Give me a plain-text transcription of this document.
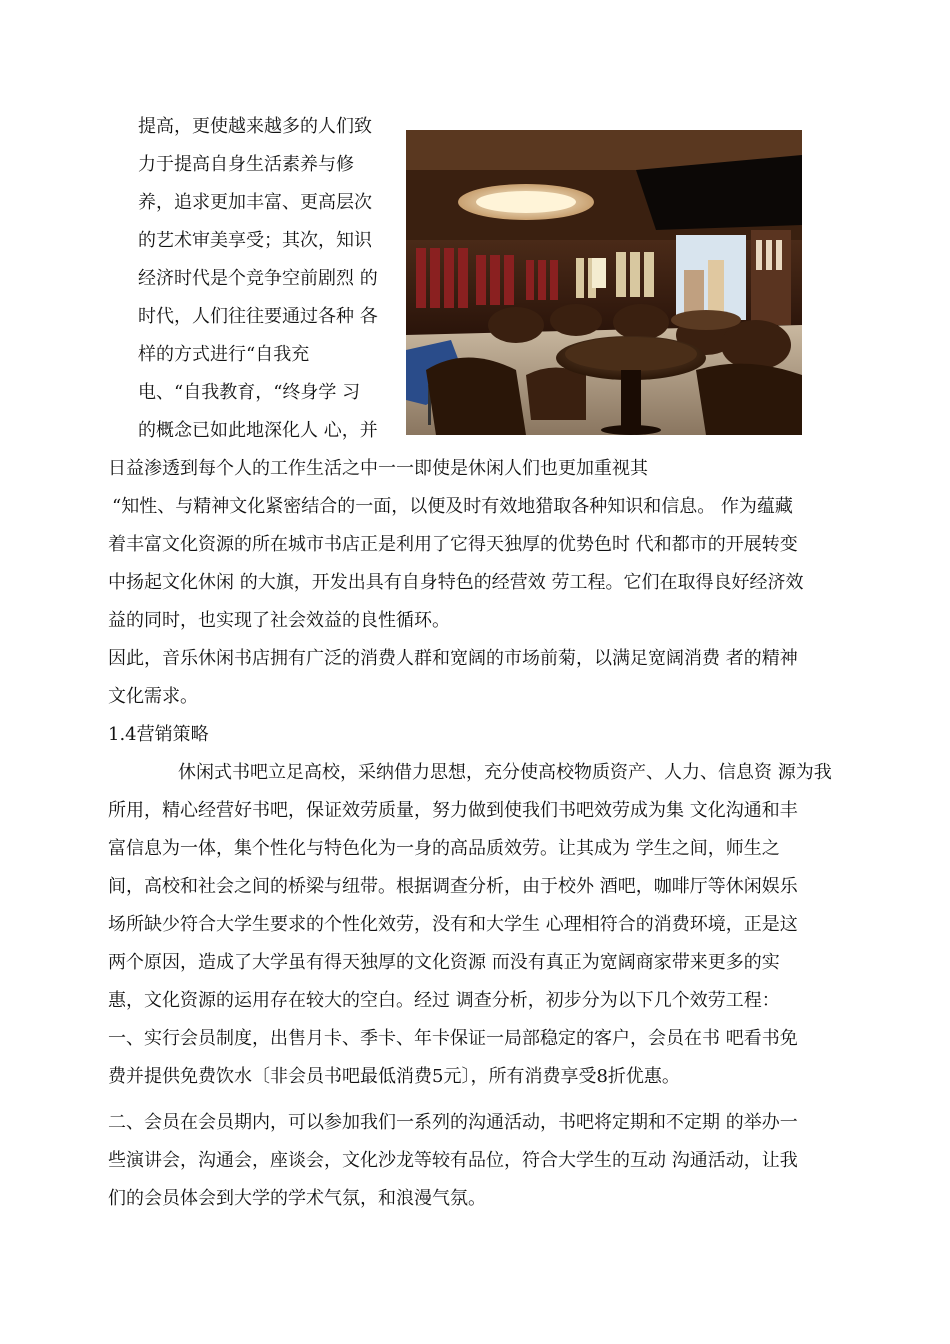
提高，更使越来越多的人们致
力于提高自身生活素养与修
养，追求更加丰富、更高层次
的艺术审美享受；其次，知识
经济时代是个竞争空前剧烈 的
时代，人们往往要通过各种 各
样的方式进行“自我充
电、“自我教育，“终身学 习
的概念已如此地深化人 心，并
日益渗透到每个人的工作生活之中一一即使是休闲人们也更加重视其
“知性、与精神文化紧密结合的一面，以便及时有效地猎取各种知识和信息。 作为蕴藏
着丰富文化资源的所在城市书店正是利用了它得天独厚的优势色时 代和都市的开展转变
中扬起文化休闲 的大旗，开发出具有自身特色的经营效 劳工程。它们在取得良好经济效
益的同时，也实现了社会效益的良性循环。
因此，音乐休闲书店拥有广泛的消费人群和宽阔的市场前菊，以满足宽阔消费 者的精神
文化需求。
1.4营销策略
休闲式书吧立足高校，采纳借力思想，充分使高校物质资产、人力、信息资 源为我
所用，精心经营好书吧，保证效劳质量，努力做到使我们书吧效劳成为集 文化沟通和丰
富信息为一体，集个性化与特色化为一身的高品质效劳。让其成为 学生之间，师生之
间，高校和社会之间的桥梁与纽带。根据调查分析，由于校外 酒吧，咖啡厅等休闲娱乐
场所缺少符合大学生要求的个性化效劳，没有和大学生 心理相符合的消费环境，正是这
两个原因，造成了大学虽有得天独厚的文化资源 而没有真正为宽阔商家带来更多的实
惠，文化资源的运用存在较大的空白。经过 调查分析，初步分为以下几个效劳工程：
一、实行会员制度，出售月卡、季卡、年卡保证一局部稳定的客户，会员在书 吧看书免
费并提供免费饮水〔非会员书吧最低消费5元〕，所有消费享受8折优惠。
二、会员在会员期内，可以参加我们一系列的沟通活动，书吧将定期和不定期 的举办一
些演讲会，沟通会，座谈会，文化沙龙等较有品位，符合大学生的互动 沟通活动，让我
们的会员体会到大学的学术气氛，和浪漫气氛。
